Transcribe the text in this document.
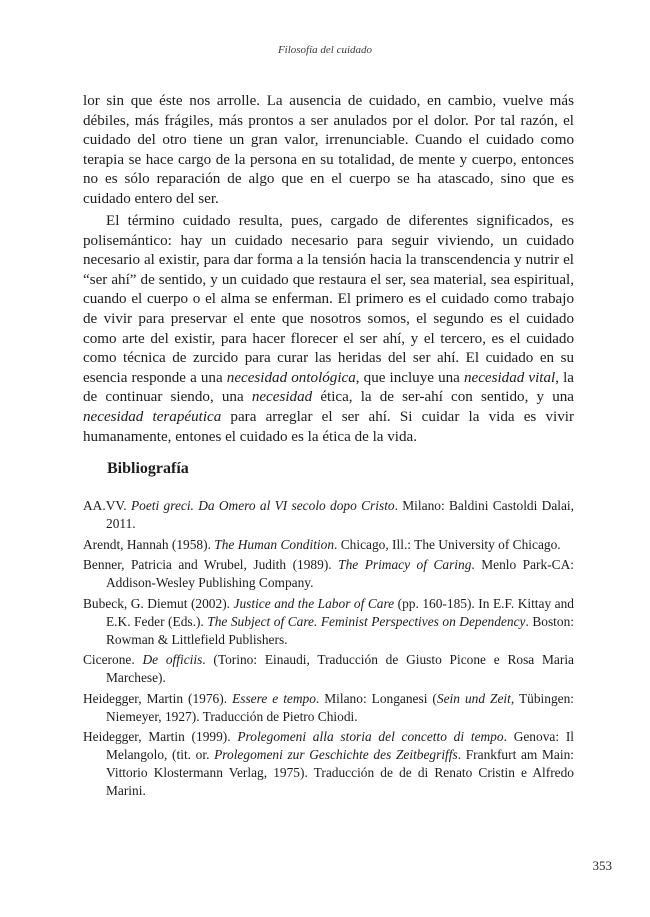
Filosofía del cuidado

lor sin que éste nos arrolle. La ausencia de cuidado, en cambio, vuelve más débiles, más frágiles, más prontos a ser anulados por el dolor. Por tal razón, el cuidado del otro tiene un gran valor, irrenunciable. Cuando el cuidado como terapia se hace cargo de la persona en su totalidad, de mente y cuerpo, entonces no es sólo reparación de algo que en el cuerpo se ha atascado, sino que es cuidado entero del ser.

El término cuidado resulta, pues, cargado de diferentes significados, es polisemántico: hay un cuidado necesario para seguir viviendo, un cuidado necesario al existir, para dar forma a la tensión hacia la transcendencia y nutrir el “ser ahí” de sentido, y un cuidado que restaura el ser, sea material, sea espiritual, cuando el cuerpo o el alma se enferman. El primero es el cuidado como trabajo de vivir para preservar el ente que nosotros somos, el segundo es el cuidado como arte del existir, para hacer florecer el ser ahí, y el tercero, es el cuidado como técnica de zurcido para curar las heridas del ser ahí. El cuidado en su esencia responde a una necesidad ontológica, que incluye una necesidad vital, la de continuar siendo, una necesidad ética, la de ser-ahí con sentido, y una necesidad terapéutica para arreglar el ser ahí. Si cuidar la vida es vivir humanamente, entones el cuidado es la ética de la vida.

Bibliografía
AA.VV. Poeti greci. Da Omero al VI secolo dopo Cristo. Milano: Baldini Castoldi Dalai, 2011.
Arendt, Hannah (1958). The Human Condition. Chicago, Ill.: The University of Chicago.
Benner, Patricia and Wrubel, Judith (1989). The Primacy of Caring. Menlo Park-CA: Addison-Wesley Publishing Company.
Bubeck, G. Diemut (2002). Justice and the Labor of Care (pp. 160-185). In E.F. Kittay and E.K. Feder (Eds.). The Subject of Care. Feminist Perspectives on Dependency. Boston: Rowman & Littlefield Publishers.
Cicerone. De officiis. (Torino: Einaudi, Traducción de Giusto Picone e Rosa Maria Marchese).
Heidegger, Martin (1976). Essere e tempo. Milano: Longanesi (Sein und Zeit, Tübingen: Niemeyer, 1927). Traducción de Pietro Chiodi.
Heidegger, Martin (1999). Prolegomeni alla storia del concetto di tempo. Genova: Il Melangolo, (tit. or. Prolegomeni zur Geschichte des Zeitbegriffs. Frankfurt am Main: Vittorio Klostermann Verlag, 1975). Traducción de de di Renato Cristin e Alfredo Marini.
353
